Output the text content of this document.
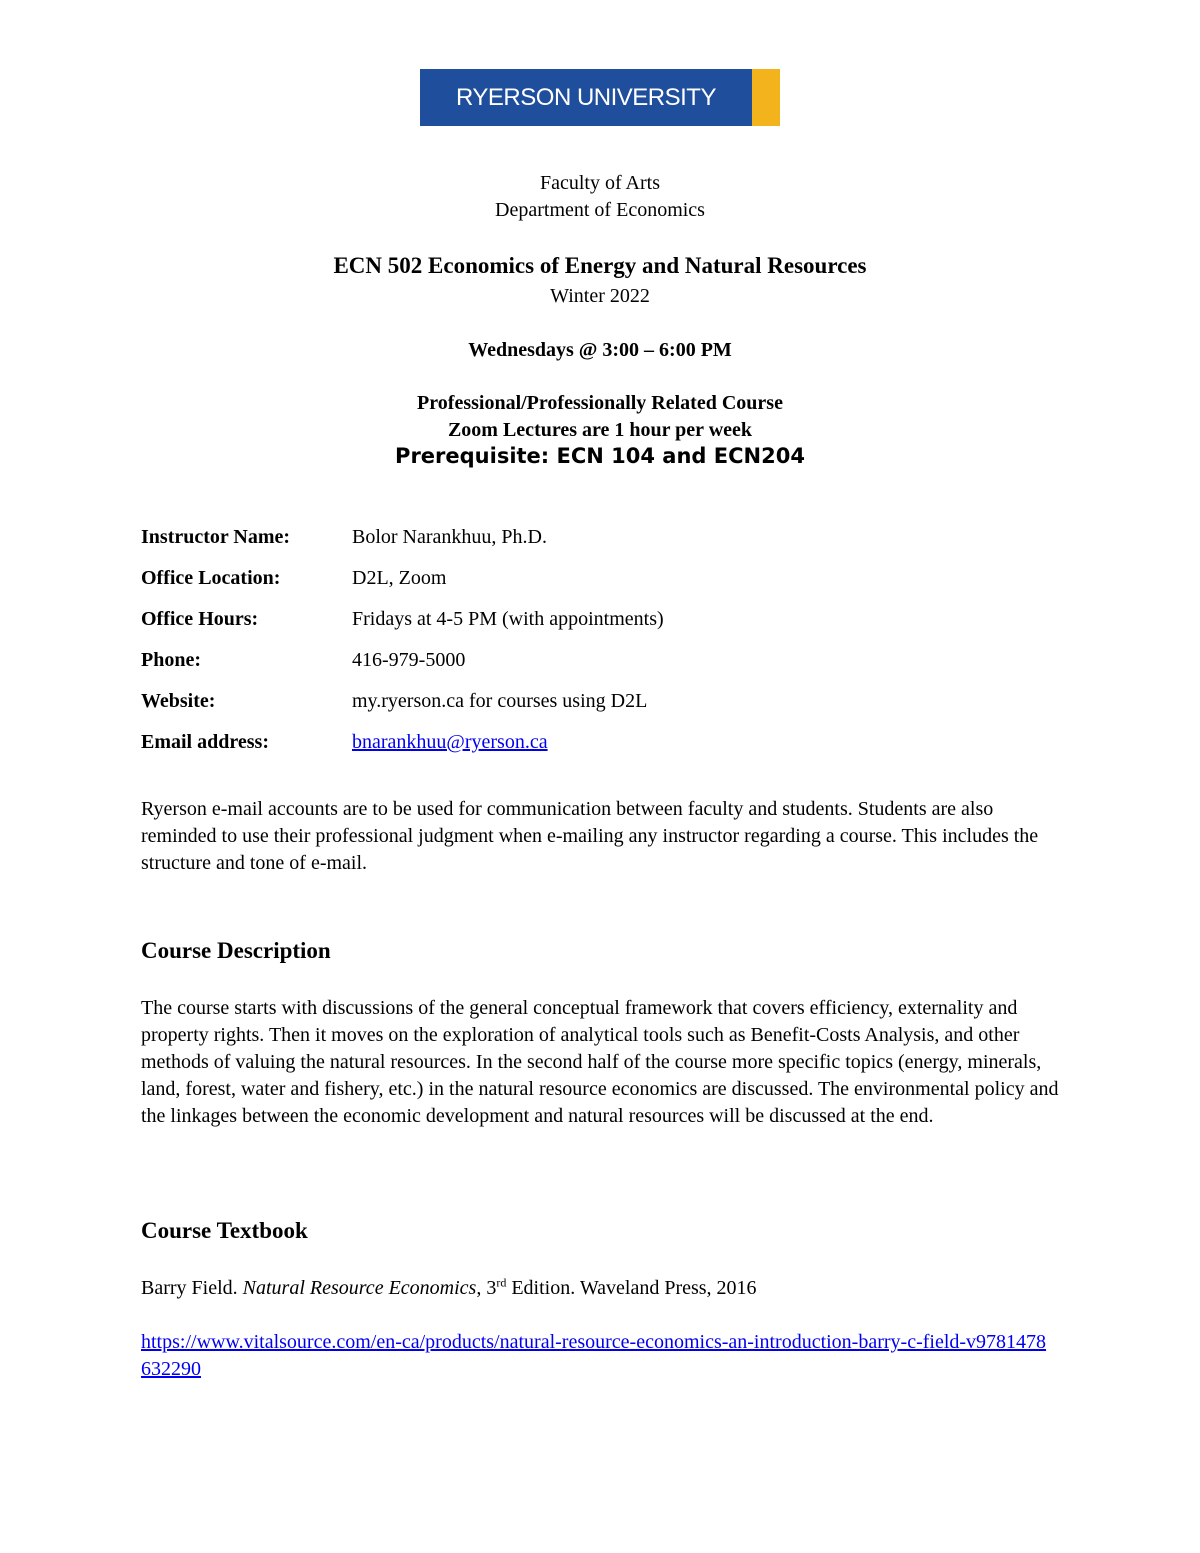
RYERSON UNIVERSITY
Faculty of Arts
Department of Economics
ECN 502 Economics of Energy and Natural Resources
Winter 2022
Wednesdays @ 3:00 – 6:00 PM
Professional/Professionally Related Course
Zoom Lectures are 1 hour per week
Prerequisite: ECN 104 and ECN204
Instructor Name:	Bolor Narankhuu, Ph.D.
Office Location:	D2L, Zoom
Office Hours:	Fridays at 4-5 PM (with appointments)
Phone:	416-979-5000
Website:	my.ryerson.ca for courses using D2L
Email address:	bnarankhuu@ryerson.ca
Ryerson e-mail accounts are to be used for communication between faculty and students. Students are also reminded to use their professional judgment when e-mailing any instructor regarding a course. This includes the structure and tone of e-mail.
Course Description
The course starts with discussions of the general conceptual framework that covers efficiency, externality and property rights. Then it moves on the exploration of analytical tools such as Benefit-Costs Analysis, and other methods of valuing the natural resources. In the second half of the course more specific topics (energy, minerals, land, forest, water and fishery, etc.) in the natural resource economics are discussed. The environmental policy and the linkages between the economic development and natural resources will be discussed at the end.
Course Textbook
Barry Field. Natural Resource Economics, 3rd Edition. Waveland Press, 2016
https://www.vitalsource.com/en-ca/products/natural-resource-economics-an-introduction-barry-c-field-v9781478632290
